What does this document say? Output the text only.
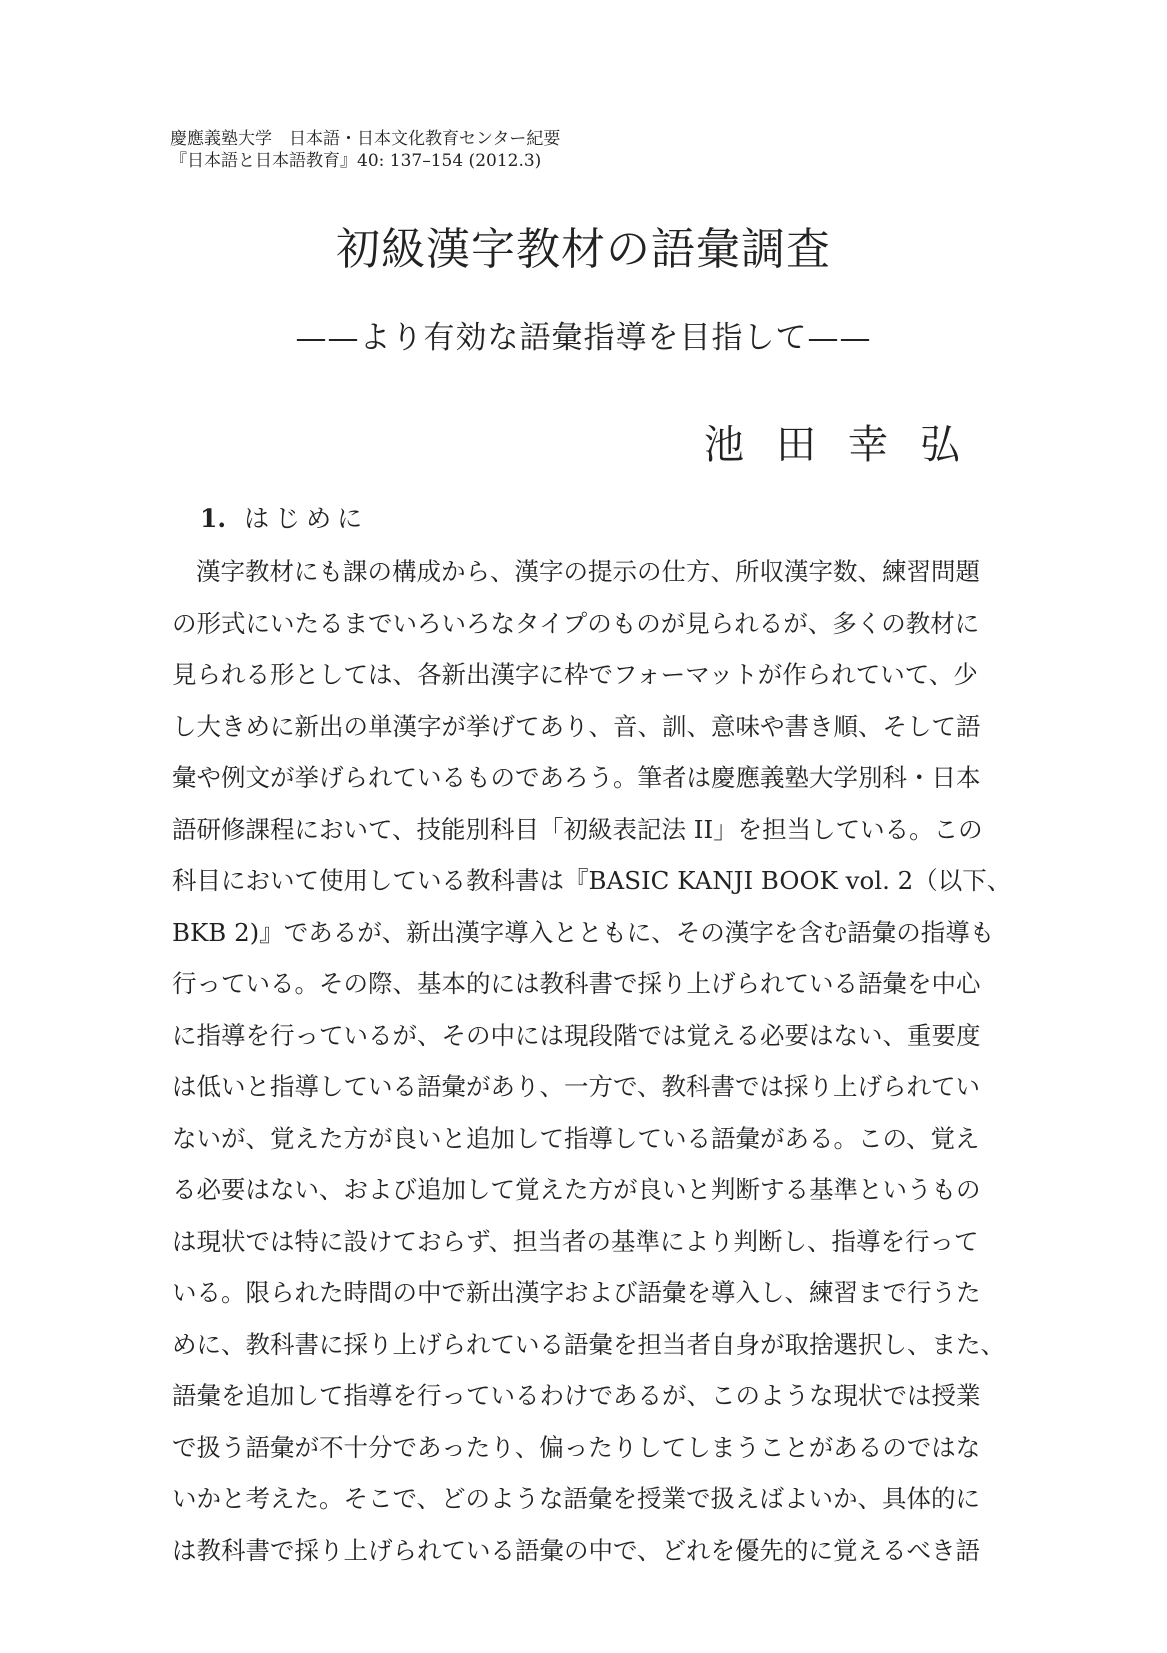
慶應義塾大学　日本語・日本文化教育センター紀要
『日本語と日本語教育』40: 137–154 (2012.3)
初級漢字教材の語彙調査
——より有効な語彙指導を目指して——
池田幸弘
1. はじめに
漢字教材にも課の構成から、漢字の提示の仕方、所収漢字数、練習問題
の形式にいたるまでいろいろなタイプのものが見られるが、多くの教材に
見られる形としては、各新出漢字に枠でフォーマットが作られていて、少
し大きめに新出の単漢字が挙げてあり、音、訓、意味や書き順、そして語
彙や例文が挙げられているものであろう。筆者は慶應義塾大学別科・日本
語研修課程において、技能別科目「初級表記法 II」を担当している。この
科目において使用している教科書は『BASIC KANJI BOOK vol. 2（以下、
BKB 2)』であるが、新出漢字導入とともに、その漢字を含む語彙の指導も
行っている。その際、基本的には教科書で採り上げられている語彙を中心
に指導を行っているが、その中には現段階では覚える必要はない、重要度
は低いと指導している語彙があり、一方で、教科書では採り上げられてい
ないが、覚えた方が良いと追加して指導している語彙がある。この、覚え
る必要はない、および追加して覚えた方が良いと判断する基準というもの
は現状では特に設けておらず、担当者の基準により判断し、指導を行って
いる。限られた時間の中で新出漢字および語彙を導入し、練習まで行うた
めに、教科書に採り上げられている語彙を担当者自身が取捨選択し、また、
語彙を追加して指導を行っているわけであるが、このような現状では授業
で扱う語彙が不十分であったり、偏ったりしてしまうことがあるのではな
いかと考えた。そこで、どのような語彙を授業で扱えばよいか、具体的に
は教科書で採り上げられている語彙の中で、どれを優先的に覚えるべき語
